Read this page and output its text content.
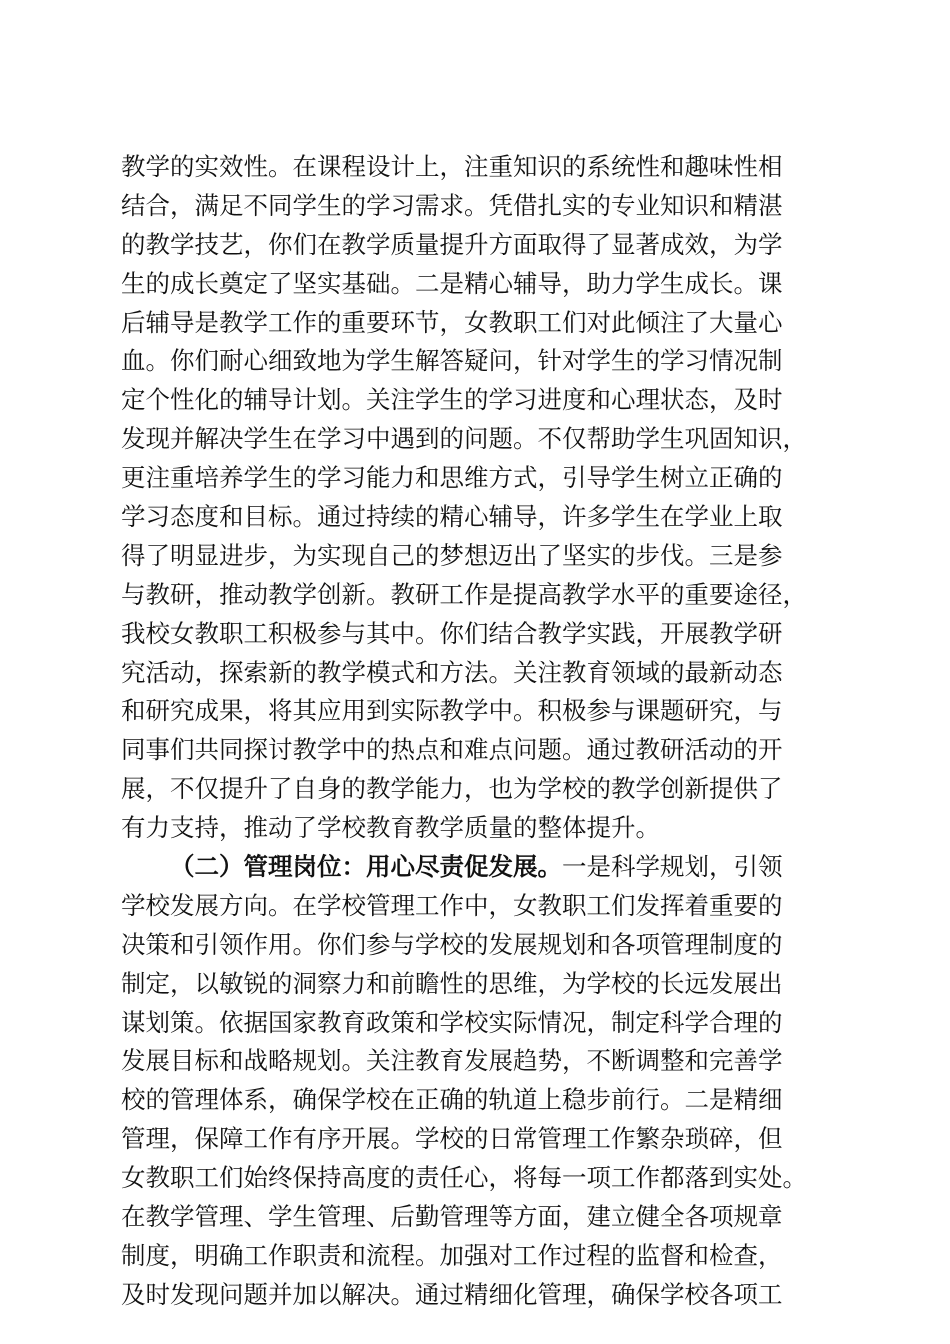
教学的实效性。在课程设计上，注重知识的系统性和趣味性相
结合，满足不同学生的学习需求。凭借扎实的专业知识和精湛
的教学技艺，你们在教学质量提升方面取得了显著成效，为学
生的成长奠定了坚实基础。二是精心辅导，助力学生成长。课
后辅导是教学工作的重要环节，女教职工们对此倾注了大量心
血。你们耐心细致地为学生解答疑问，针对学生的学习情况制
定个性化的辅导计划。关注学生的学习进度和心理状态，及时
发现并解决学生在学习中遇到的问题。不仅帮助学生巩固知识，
更注重培养学生的学习能力和思维方式，引导学生树立正确的
学习态度和目标。通过持续的精心辅导，许多学生在学业上取
得了明显进步，为实现自己的梦想迈出了坚实的步伐。三是参
与教研，推动教学创新。教研工作是提高教学水平的重要途径，
我校女教职工积极参与其中。你们结合教学实践，开展教学研
究活动，探索新的教学模式和方法。关注教育领域的最新动态
和研究成果，将其应用到实际教学中。积极参与课题研究，与
同事们共同探讨教学中的热点和难点问题。通过教研活动的开
展，不仅提升了自身的教学能力，也为学校的教学创新提供了
有力支持，推动了学校教育教学质量的整体提升。
（二）管理岗位：用心尽责促发展。一是科学规划，引领
学校发展方向。在学校管理工作中，女教职工们发挥着重要的
决策和引领作用。你们参与学校的发展规划和各项管理制度的
制定，以敏锐的洞察力和前瞻性的思维，为学校的长远发展出
谋划策。依据国家教育政策和学校实际情况，制定科学合理的
发展目标和战略规划。关注教育发展趋势，不断调整和完善学
校的管理体系，确保学校在正确的轨道上稳步前行。二是精细
管理，保障工作有序开展。学校的日常管理工作繁杂琐碎，但
女教职工们始终保持高度的责任心，将每一项工作都落到实处。
在教学管理、学生管理、后勤管理等方面，建立健全各项规章
制度，明确工作职责和流程。加强对工作过程的监督和检查，
及时发现问题并加以解决。通过精细化管理，确保学校各项工
